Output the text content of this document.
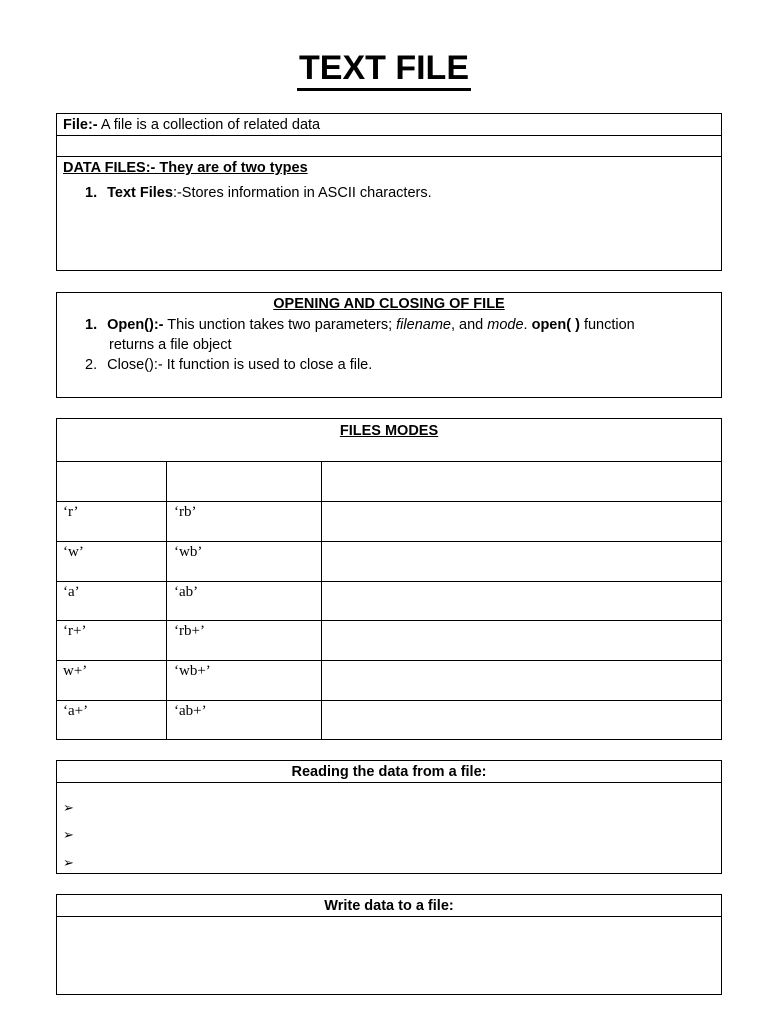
TEXT FILE
File:- A file is a collection of related data
DATA FILES:- They are of two types
1. Text Files:-Stores information in ASCII characters.
OPENING AND CLOSING OF FILE
1. Open():- This unction takes two parameters; filename, and mode. open( ) function
returns a file object
2. Close():- It function is used to close a file.
FILES MODES
‘r’	‘rb’
‘w’	‘wb’
‘a’	‘ab’
‘r+’	‘rb+’
w+’	‘wb+’
‘a+’	‘ab+’
Reading the data from a file:
➢
➢
➢
Write data to a file:
